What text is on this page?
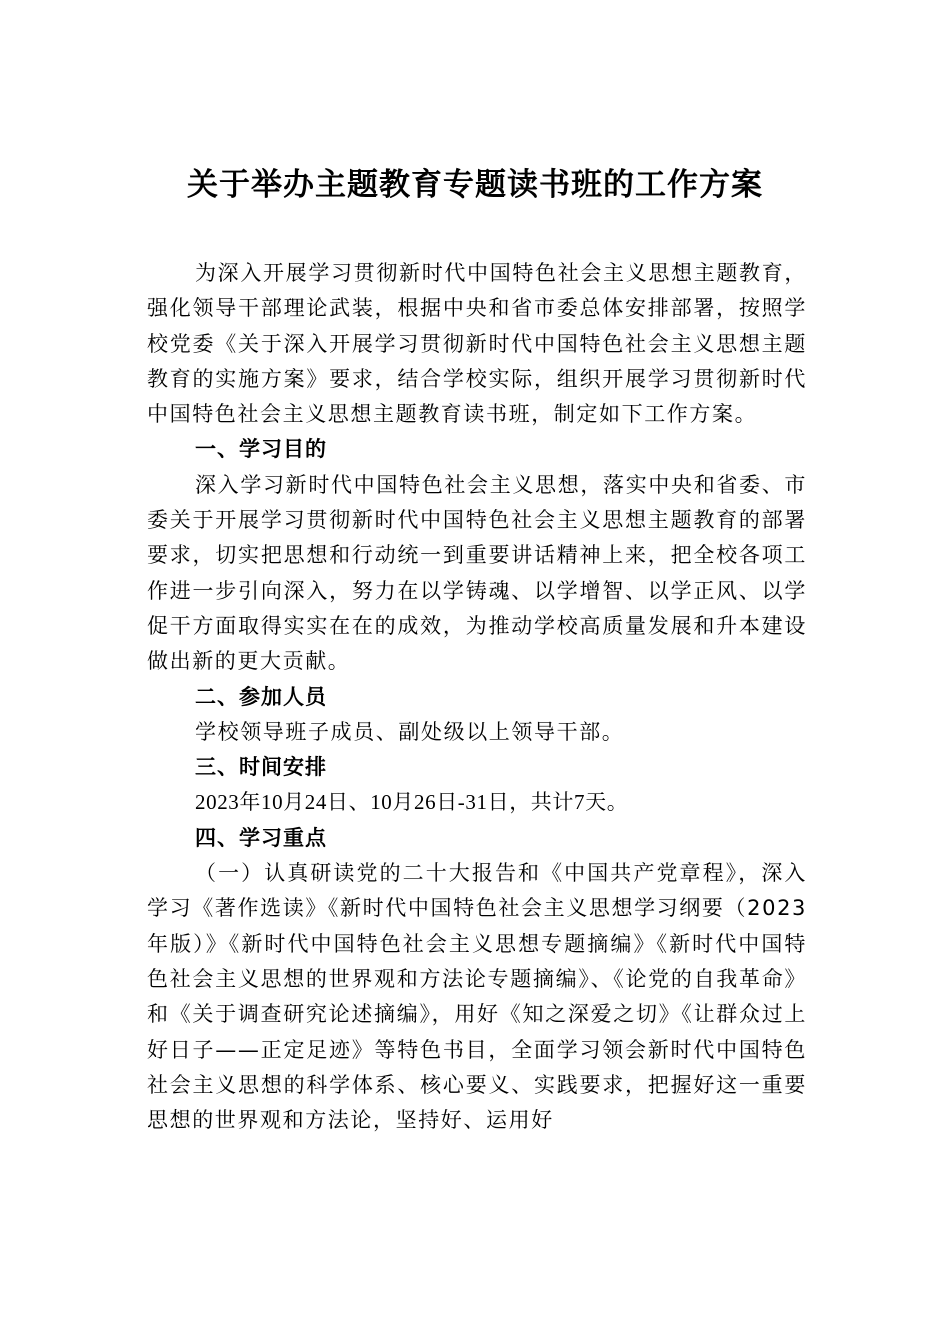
关于举办主题教育专题读书班的工作方案

为深入开展学习贯彻新时代中国特色社会主义思想主题教育，强化领导干部理论武装，根据中央和省市委总体安排部署，按照学校党委《关于深入开展学习贯彻新时代中国特色社会主义思想主题教育的实施方案》要求，结合学校实际，组织开展学习贯彻新时代中国特色社会主义思想主题教育读书班，制定如下工作方案。

一、学习目的

深入学习新时代中国特色社会主义思想，落实中央和省委、市委关于开展学习贯彻新时代中国特色社会主义思想主题教育的部署要求，切实把思想和行动统一到重要讲话精神上来，把全校各项工作进一步引向深入，努力在以学铸魂、以学增智、以学正风、以学促干方面取得实实在在的成效，为推动学校高质量发展和升本建设做出新的更大贡献。

二、参加人员

学校领导班子成员、副处级以上领导干部。

三、时间安排

2023年10月24日、10月26日-31日，共计7天。

四、学习重点

（一）认真研读党的二十大报告和《中国共产党章程》，深入学习《著作选读》《新时代中国特色社会主义思想学习纲要（2023年版）》《新时代中国特色社会主义思想专题摘编》《新时代中国特色社会主义思想的世界观和方法论专题摘编》、《论党的自我革命》和《关于调查研究论述摘编》，用好《知之深爱之切》《让群众过上好日子——正定足迹》等特色书目，全面学习领会新时代中国特色社会主义思想的科学体系、核心要义、实践要求，把握好这一重要思想的世界观和方法论，坚持好、运用好
